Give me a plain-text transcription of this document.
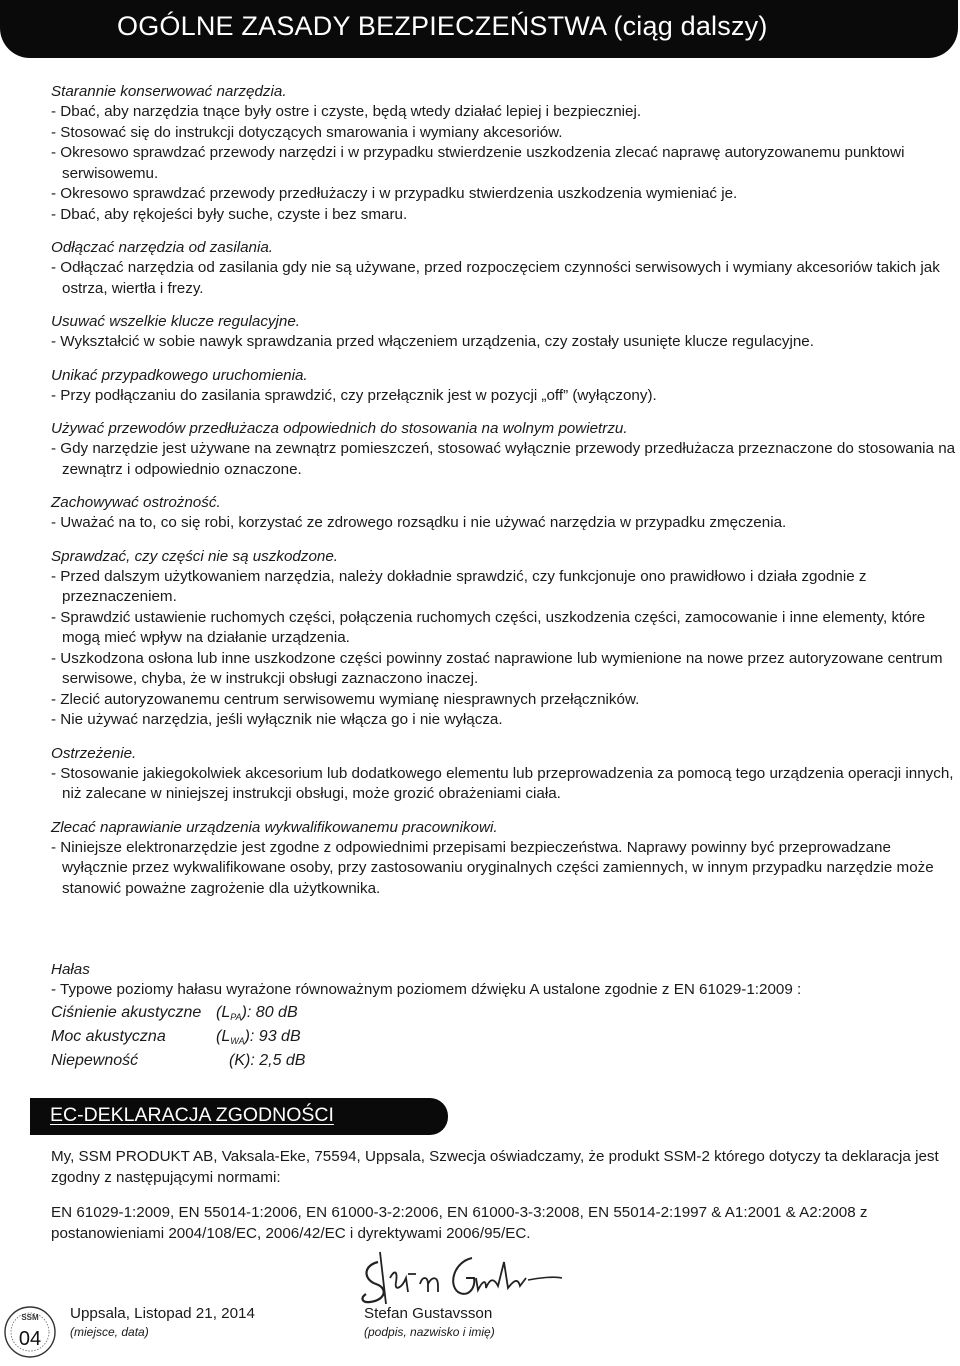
OGÓLNE ZASADY BEZPIECZEŃSTWA (ciąg dalszy)
Starannie konserwować narzędzia.
- Dbać, aby narzędzia tnące były ostre i czyste, będą wtedy działać lepiej i bezpieczniej.
- Stosować się do instrukcji dotyczących smarowania i wymiany akcesoriów.
- Okresowo sprawdzać przewody narzędzi i w przypadku stwierdzenie uszkodzenia zlecać naprawę autoryzowanemu punktowi serwisowemu.
- Okresowo sprawdzać przewody przedłużaczy i w przypadku stwierdzenia uszkodzenia wymieniać je.
- Dbać, aby rękojeści były suche, czyste i bez smaru.
Odłączać narzędzia od zasilania.
- Odłączać narzędzia od zasilania gdy nie są używane, przed rozpoczęciem czynności serwisowych i wymiany akcesoriów takich jak ostrza, wiertła i frezy.
Usuwać wszelkie klucze regulacyjne.
- Wykształcić w sobie nawyk sprawdzania przed włączeniem urządzenia, czy zostały usunięte klucze regulacyjne.
Unikać przypadkowego uruchomienia.
- Przy podłączaniu do zasilania sprawdzić, czy przełącznik jest w pozycji „off” (wyłączony).
Używać przewodów przedłużacza odpowiednich do stosowania na wolnym powietrzu.
- Gdy narzędzie jest używane na zewnątrz pomieszczeń, stosować wyłącznie przewody przedłużacza przeznaczone do stosowania na zewnątrz i odpowiednio oznaczone.
Zachowywać ostrożność.
- Uważać na to, co się robi, korzystać ze zdrowego rozsądku i nie używać narzędzia w przypadku zmęczenia.
Sprawdzać, czy części nie są uszkodzone.
- Przed dalszym użytkowaniem narzędzia, należy dokładnie sprawdzić, czy funkcjonuje ono prawidłowo i działa zgodnie z przeznaczeniem.
- Sprawdzić ustawienie ruchomych części, połączenia ruchomych części, uszkodzenia części, zamocowanie i inne elementy, które mogą mieć wpływ na działanie urządzenia.
- Uszkodzona osłona lub inne uszkodzone części powinny zostać naprawione lub wymienione na nowe przez autoryzowane centrum serwisowe, chyba, że w instrukcji obsługi zaznaczono inaczej.
- Zlecić autoryzowanemu centrum serwisowemu wymianę niesprawnych przełączników.
- Nie używać narzędzia, jeśli wyłącznik nie włącza go i nie wyłącza.
Ostrzeżenie.
- Stosowanie jakiegokolwiek akcesorium lub dodatkowego elementu lub przeprowadzenia za pomocą tego urządzenia operacji innych, niż zalecane w niniejszej instrukcji obsługi, może grozić obrażeniami ciała.
Zlecać naprawianie urządzenia wykwalifikowanemu pracownikowi.
- Niniejsze elektronarzędzie jest zgodne z odpowiednimi przepisami bezpieczeństwa. Naprawy powinny być przeprowadzane wyłącznie przez wykwalifikowane osoby, przy zastosowaniu oryginalnych części zamiennych, w innym przypadku narzędzie może stanowić poważne zagrożenie dla użytkownika.
Hałas
- Typowe poziomy hałasu wyrażone równoważnym poziomem dźwięku A ustalone zgodnie z EN 61029-1:2009 :
Ciśnienie akustyczne $(L_{PA})$: 80 dB
Moc akustyczna	$(L_{WA})$: 93 dB
Niepewność	(K): 2,5 dB
EC-DEKLARACJA ZGODNOŚCI
My, SSM PRODUKT AB, Vaksala-Eke, 75594, Uppsala, Szwecja oświadczamy, że produkt SSM-2 którego dotyczy ta deklaracja jest zgodny z następującymi normami:
EN 61029-1:2009, EN 55014-1:2006, EN 61000-3-2:2006, EN 61000-3-3:2008, EN 55014-2:1997 & A1:2001 & A2:2008 z postanowieniami 2004/108/EC, 2006/42/EC i dyrektywami 2006/95/EC.
Uppsala, Listopad 21, 2014
(miejsce, data)
Stefan Gustavsson
(podpis, nazwisko i imię)
SSM
04
